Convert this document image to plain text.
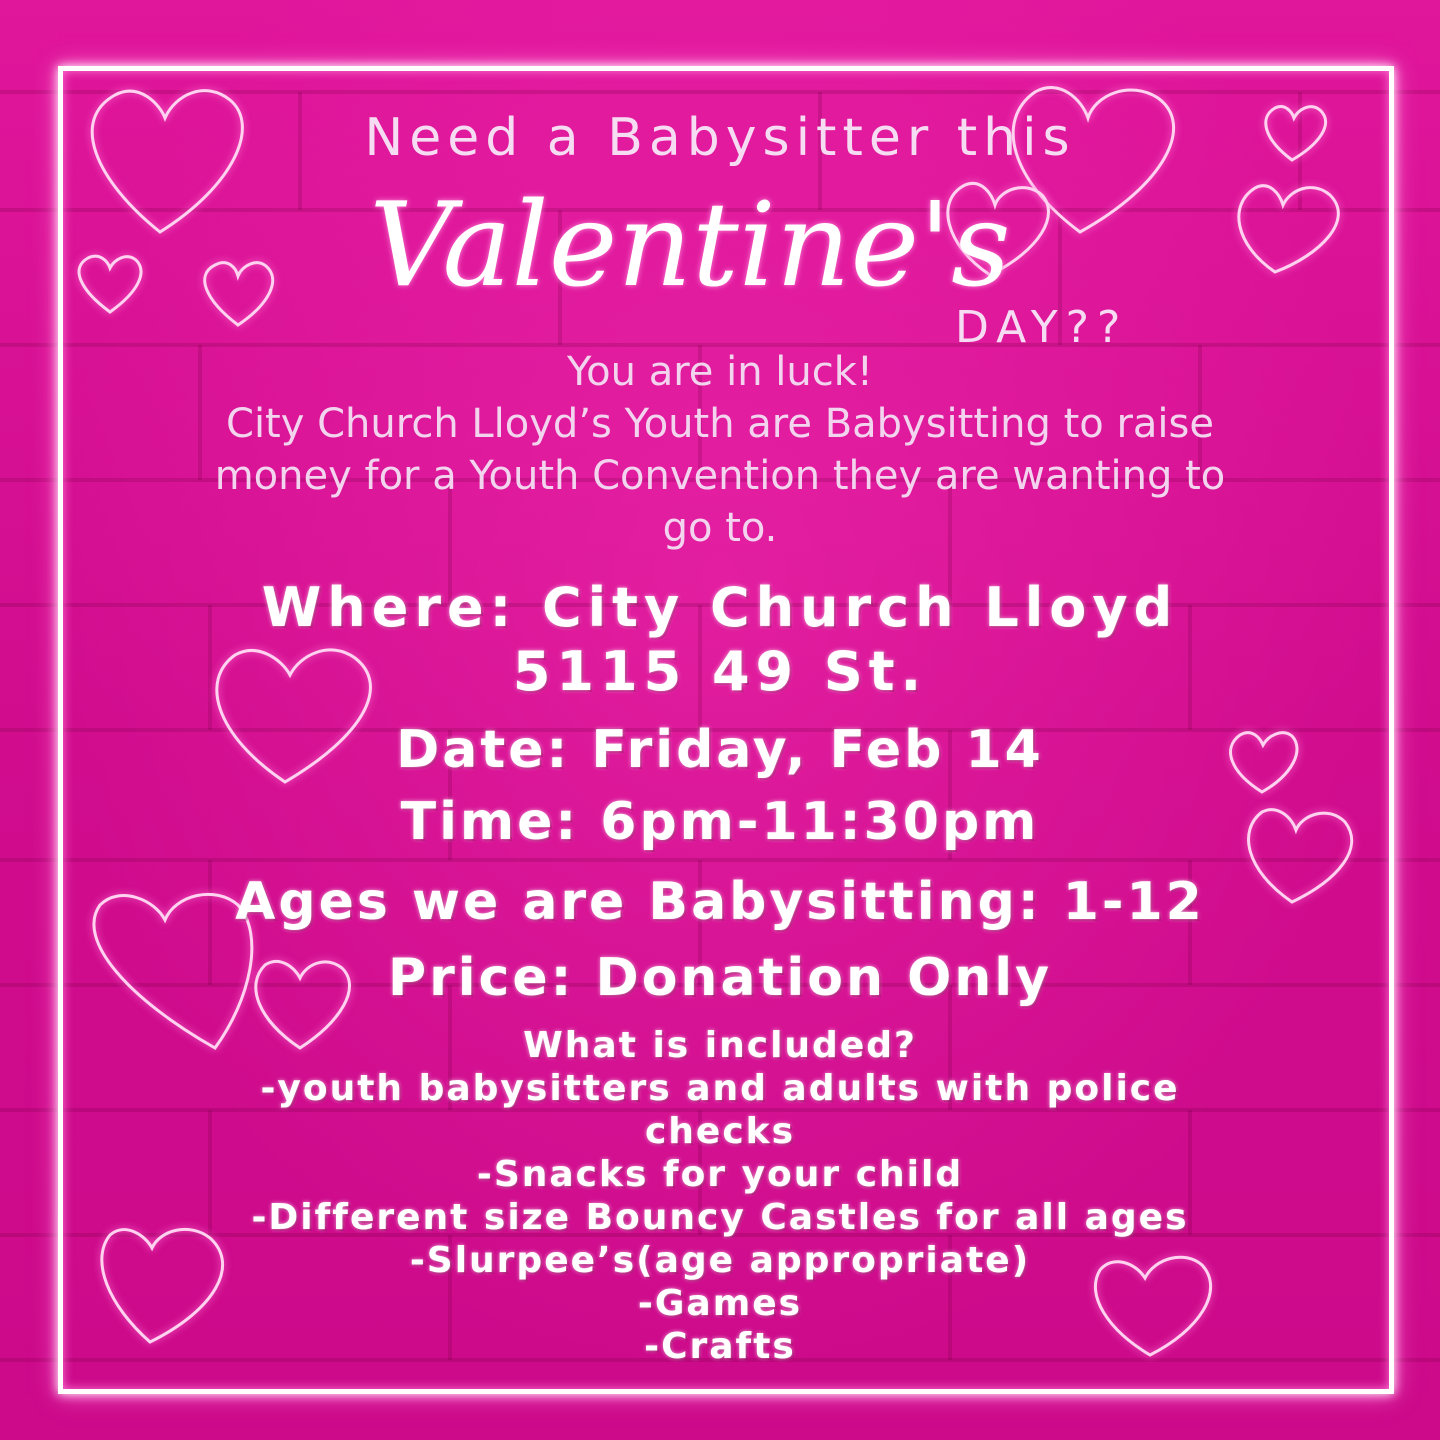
Need a Babysitter this
Valentine's
DAY??
You are in luck!
City Church Lloyd’s Youth are Babysitting to raise
money for a Youth Convention they are wanting to
go to.
Where: City Church Lloyd
5115 49 St.
Date: Friday, Feb 14
Time: 6pm-11:30pm
Ages we are Babysitting: 1-12
Price: Donation Only
What is included?
-youth babysitters and adults with police
checks
-Snacks for your child
-Different size Bouncy Castles for all ages
-Slurpee’s(age appropriate)
-Games
-Crafts
